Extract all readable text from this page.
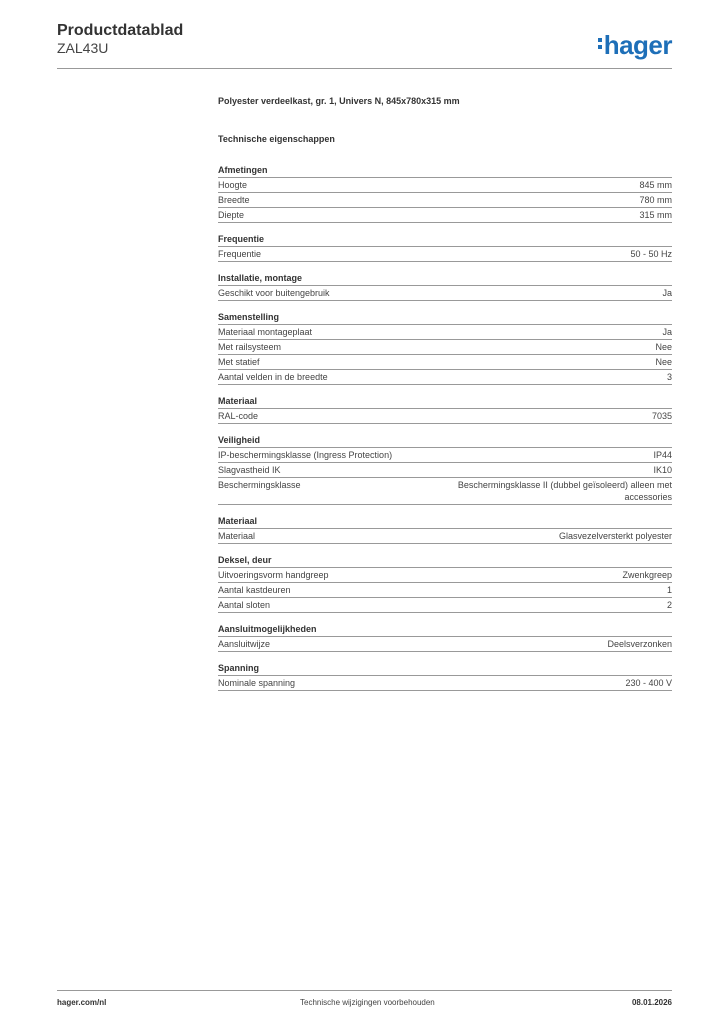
Productdatablad
ZAL43U	hager
Polyester verdeelkast, gr. 1, Univers N, 845x780x315 mm
Technische eigenschappen
Afmetingen
Hoogte	845 mm
Breedte	780 mm
Diepte	315 mm
Frequentie
Frequentie	50 - 50 Hz
Installatie, montage
Geschikt voor buitengebruik	Ja
Samenstelling
Materiaal montageplaat	Ja
Met railsysteem	Nee
Met statief	Nee
Aantal velden in de breedte	3
Materiaal
RAL-code	7035
Veiligheid
IP-beschermingsklasse (Ingress Protection)	IP44
Slagvastheid IK	IK10
Beschermingsklasse	Beschermingsklasse II (dubbel geïsoleerd) alleen met accessories
Materiaal
Materiaal	Glasvezelversterkt polyester
Deksel, deur
Uitvoeringsvorm handgreep	Zwenkgreep
Aantal kastdeuren	1
Aantal sloten	2
Aansluitmogelijkheden
Aansluitwijze	Deelsverzonken
Spanning
Nominale spanning	230 - 400 V
hager.com/nl	Technische wijzigingen voorbehouden	08.01.2026
